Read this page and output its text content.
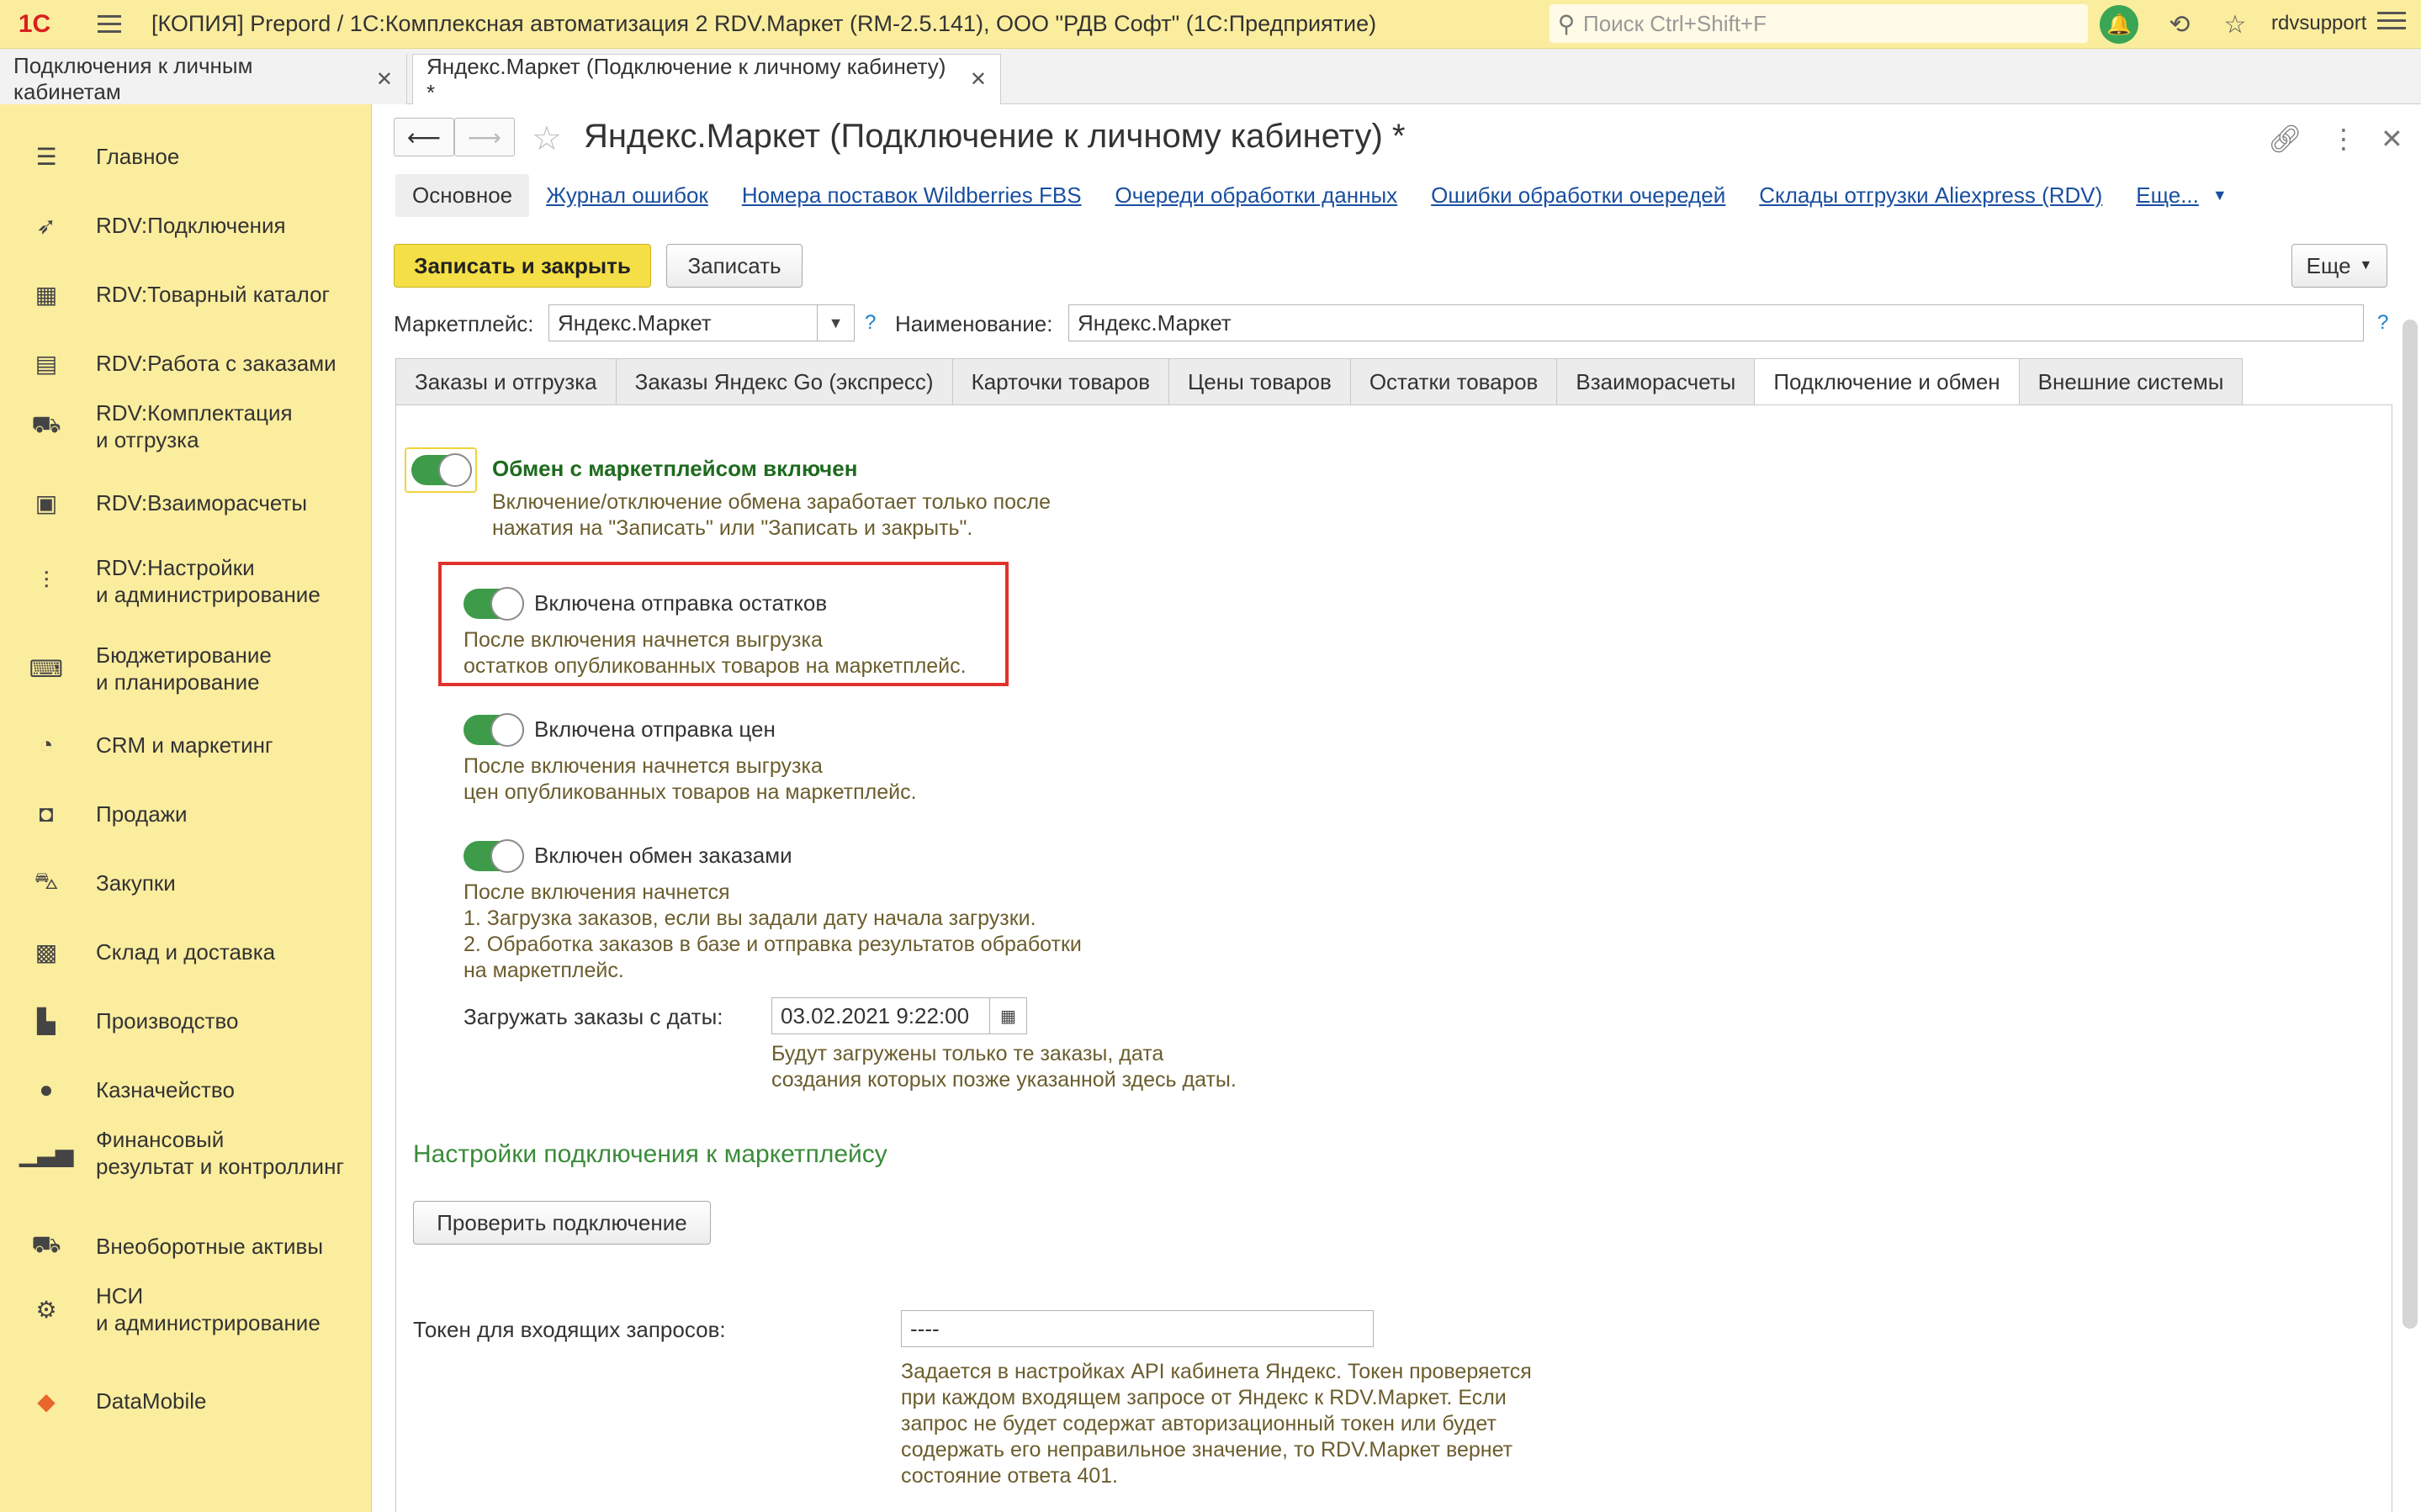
1С	[КОПИЯ] Prepord / 1С:Комплексная автоматизация 2 RDV.Маркет (RM-2.5.141), ООО "РДВ Софт" (1С:Предприятие)	⚲ Поиск Ctrl+Shift+F	🔔 ⟲ ☆	rdvsupport
Подключения к личным кабинетам	✕
Яндекс.Маркет (Подключение к личному кабинету) *	✕
☰ Главное
➶ RDV:Подключения
▦ RDV:Товарный каталог
▤ RDV:Работа с заказами
⛟ RDV:Комплектация
и отгрузка
▣ RDV:Взаиморасчеты
⫶	RDV:Настройки
и администрирование
⌨
Бюджетирование
и планирование
◔	CRM и маркетинг
◘	Продажи
⛍ Закупки
▩ Склад и доставка
▙ Производство
●	Казначейство
▁▃▅
Финансовый
результат и контроллинг
⛟ Внеоборотные активы
⚙
НСИ
и администрирование
◆ DataMobile
⟵ ⟶ ☆ Яндекс.Маркет (Подключение к личному кабинету) *	🔗︎ ⋮ ✕
Основное	Журнал ошибок Номера поставок Wildberries FBS Очереди обработки данных Ошибки обработки очередей Склады отгрузки Aliexpress (RDV) Еще... ▼
Записать и закрыть	Записать	Еще ▼
Маркетплейс:	Яндекс.Маркет	▼	? Наименование:	Яндекс.Маркет	?
Заказы и отгрузка	Заказы Яндекс Go (экспресс)	Карточки товаров	Цены товаров	Остатки товаров	Взаиморасчеты	Подключение и обмен	Внешние системы
Обмен с маркетплейсом включен
Включение/отключение обмена заработает только после
нажатия на "Записать" или "Записать и закрыть".
Включена отправка остатков
После включения начнется выгрузка
остатков опубликованных товаров на маркетплейс.
Включена отправка цен
После включения начнется выгрузка
цен опубликованных товаров на маркетплейс.
Включен обмен заказами
После включения начнется
1. Загрузка заказов, если вы задали дату начала загрузки.
2. Обработка заказов в базе и отправка результатов обработки
на маркетплейс.
Загружать заказы с даты:	03.02.2021 9:22:00	▦
Будут загружены только те заказы, дата
создания которых позже указанной здесь даты.
Настройки подключения к маркетплейсу
Проверить подключение
Токен для входящих запросов:	----
Задается в настройках API кабинета Яндекс. Токен проверяется
при каждом входящем запросе от Яндекс к RDV.Маркет. Если
запрос не будет содержат авторизационный токен или будет
содержать его неправильное значение, то RDV.Маркет вернет
состояние ответа 401.
